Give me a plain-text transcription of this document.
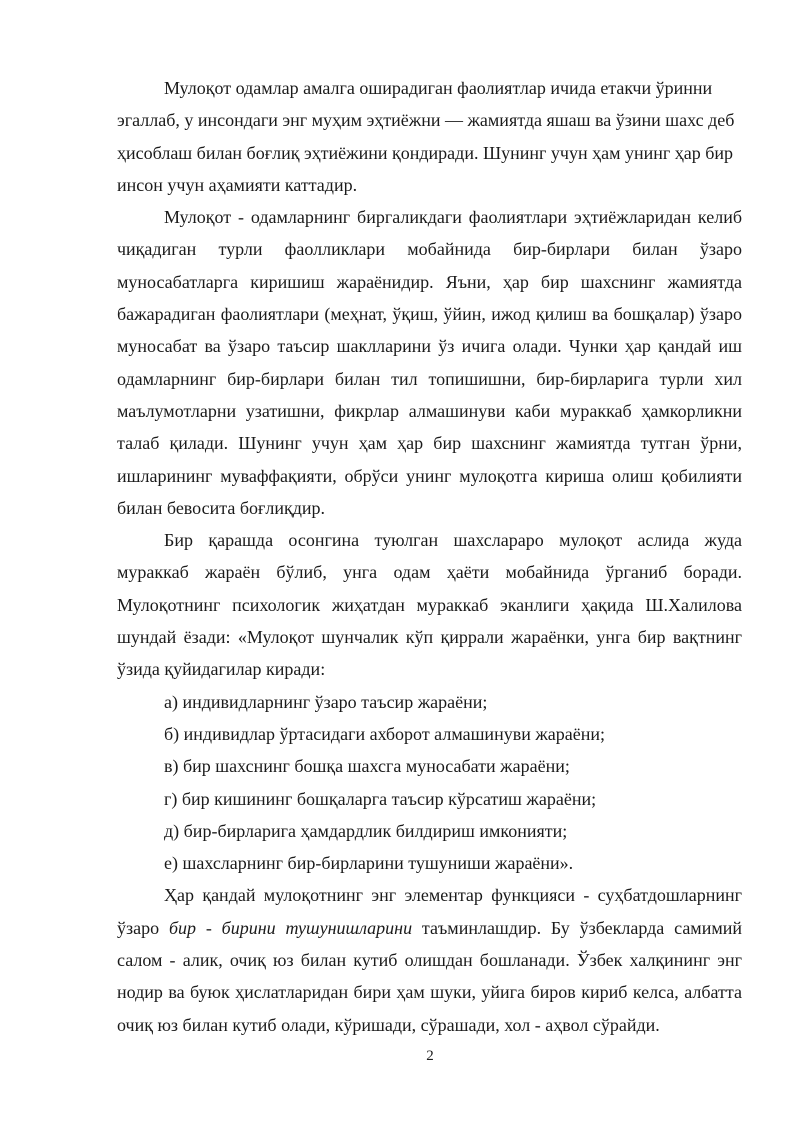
Мулоқот одамлар амалга оширадиган фаолиятлар ичида етакчи ўринни эгаллаб, у инсондаги энг муҳим эҳтиёжни — жамиятда яшаш ва ўзини шахс деб ҳисоблаш билан боғлиқ эҳтиёжини қондиради. Шунинг учун ҳам унинг ҳар бир инсон учун аҳамияти каттадир.

Мулоқот - одамларнинг биргаликдаги фаолиятлари эҳтиёжларидан келиб чиқадиган турли фаолликлари мобайнида бир-бирлари билан ўзаро муносабатларга киришиш жараёнидир. Яъни, ҳар бир шахснинг жамиятда бажарадиган фаолиятлари (меҳнат, ўқиш, ўйин, ижод қилиш ва бошқалар) ўзаро муносабат ва ўзаро таъсир шаклларини ўз ичига олади. Чунки ҳар қандай иш одамларнинг бир-бирлари билан тил топишишни, бир-бирларига турли хил маълумотларни узатишни, фикрлар алмашинуви каби мураккаб ҳамкорликни талаб қилади. Шунинг учун ҳам ҳар бир шахснинг жамиятда тутган ўрни, ишларининг муваффақияти, обрўси унинг мулоқотга кириша олиш қобилияти билан бевосита боғлиқдир.

Бир қарашда осонгина туюлган шахслараро мулоқот аслида жуда мураккаб жараён бўлиб, унга одам ҳаёти мобайнида ўрганиб боради. Мулоқотнинг психологик жиҳатдан мураккаб эканлиги ҳақида Ш.Халилова шундай ёзади: «Мулоқот шунчалик кўп қиррали жараёнки, унга бир вақтнинг ўзида қуйидагилар киради:

а) индивидларнинг ўзаро таъсир жараёни;

б) индивидлар ўртасидаги ахборот алмашинуви жараёни;

в) бир шахснинг бошқа шахсга муносабати жараёни;

г) бир кишининг бошқаларга таъсир кўрсатиш жараёни;

д) бир-бирларига ҳамдардлик билдириш имконияти;

е) шахсларнинг бир-бирларини тушуниши жараёни».

Ҳар қандай мулоқотнинг энг элементар функцияси - суҳбатдошларнинг ўзаро бир - бирини тушунишларини таъминлашдир. Бу ўзбекларда самимий салом - алик, очиқ юз билан кутиб олишдан бошланади. Ўзбек халқининг энг нодир ва буюк ҳислатларидан бири ҳам шуки, уйига биров кириб келса, албатта очиқ юз билан кутиб олади, кўришади, сўрашади, хол - аҳвол сўрайди.

2
